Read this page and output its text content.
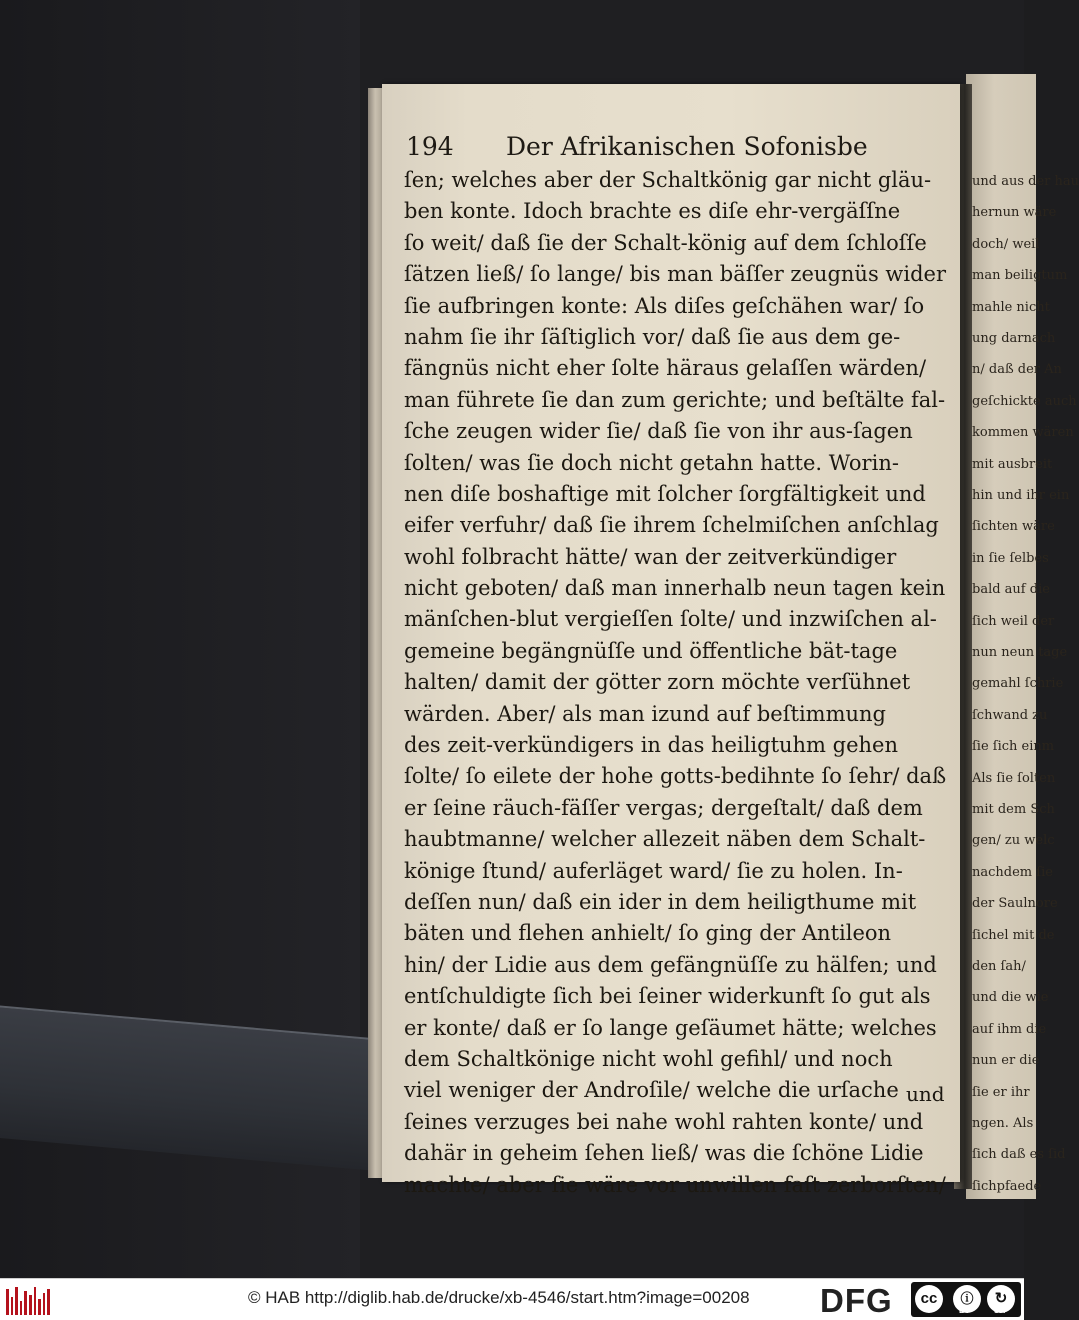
und aus der hau
hernun wäre
doch/ weil
man beiligtum
mahle nicht
ung darnach
n/ daß der An
geſchickte auch
kommen wären
mit ausbreit
hin und ihr ein
ſichten wäre
in ſie ſelbes
bald auf die
ſich weil der
nun neun tage
gemahl ſchrie
ſchwand zu
ſie ſich einm
Als ſie ſolten
mit dem Sch
gen/ zu welc
nachdem ſie
der Saulnore
ſichel mit de
den ſah/
und die wie
auf ihm die
nun er die
ſie er ihr
ngen. Als
ſich daß es ſid
ſichpfaede
194 Der Afrikanischen Sofonisbe
ſen; welches aber der Schaltkönig gar nicht gläu-
ben konte. Idoch brachte es diſe ehr-vergäſſne
ſo weit/ daß ſie der Schalt-könig auf dem ſchloſſe
ſätzen ließ/ ſo lange/ bis man bäſſer zeugnüs wider
ſie aufbringen konte: Als diſes geſchähen war/ ſo
nahm ſie ihr ſäſtiglich vor/ daß ſie aus dem ge-
fängnüs nicht eher ſolte häraus gelaſſen wärden/
man führete ſie dan zum gerichte; und beſtälte fal-
ſche zeugen wider ſie/ daß ſie von ihr aus-ſagen
ſolten/ was ſie doch nicht getahn hatte. Worin-
nen diſe boshaftige mit ſolcher ſorgfältigkeit und
eifer verfuhr/ daß ſie ihrem ſchelmiſchen anſchlag
wohl folbracht hätte/ wan der zeitverkündiger
nicht geboten/ daß man innerhalb neun tagen kein
mänſchen-blut vergieſſen ſolte/ und inzwiſchen al-
gemeine begängnüſſe und öffentliche bät-tage
halten/ damit der götter zorn möchte verſühnet
wärden. Aber/ als man izund auf beſtimmung
des zeit-verkündigers in das heiligtuhm gehen
ſolte/ ſo eilete der hohe gotts-bedihnte ſo ſehr/ daß
er ſeine räuch-fäſſer vergas; dergeſtalt/ daß dem
haubtmanne/ welcher allezeit näben dem Schalt-
könige ſtund/ auferläget ward/ ſie zu holen. In-
deſſen nun/ daß ein ider in dem heiligthume mit
bäten und flehen anhielt/ ſo ging der Antileon
hin/ der Lidie aus dem gefängnüſſe zu hälfen; und
entſchuldigte ſich bei ſeiner widerkunft ſo gut als
er konte/ daß er ſo lange geſäumet hätte; welches
dem Schaltkönige nicht wohl gefihl/ und noch
viel weniger der Androſile/ welche die urſache
ſeines verzuges bei nahe wohl rahten konte/ und
dahär in geheim ſehen ließ/ was die ſchöne Lidie
machte/ aber ſie wäre vor unwillen faſt zerborſten/
und
© HAB http://diglib.hab.de/drucke/xb-4546/start.htm?image=00208 DFG	cc	ⓘ	↻
BY	SA
